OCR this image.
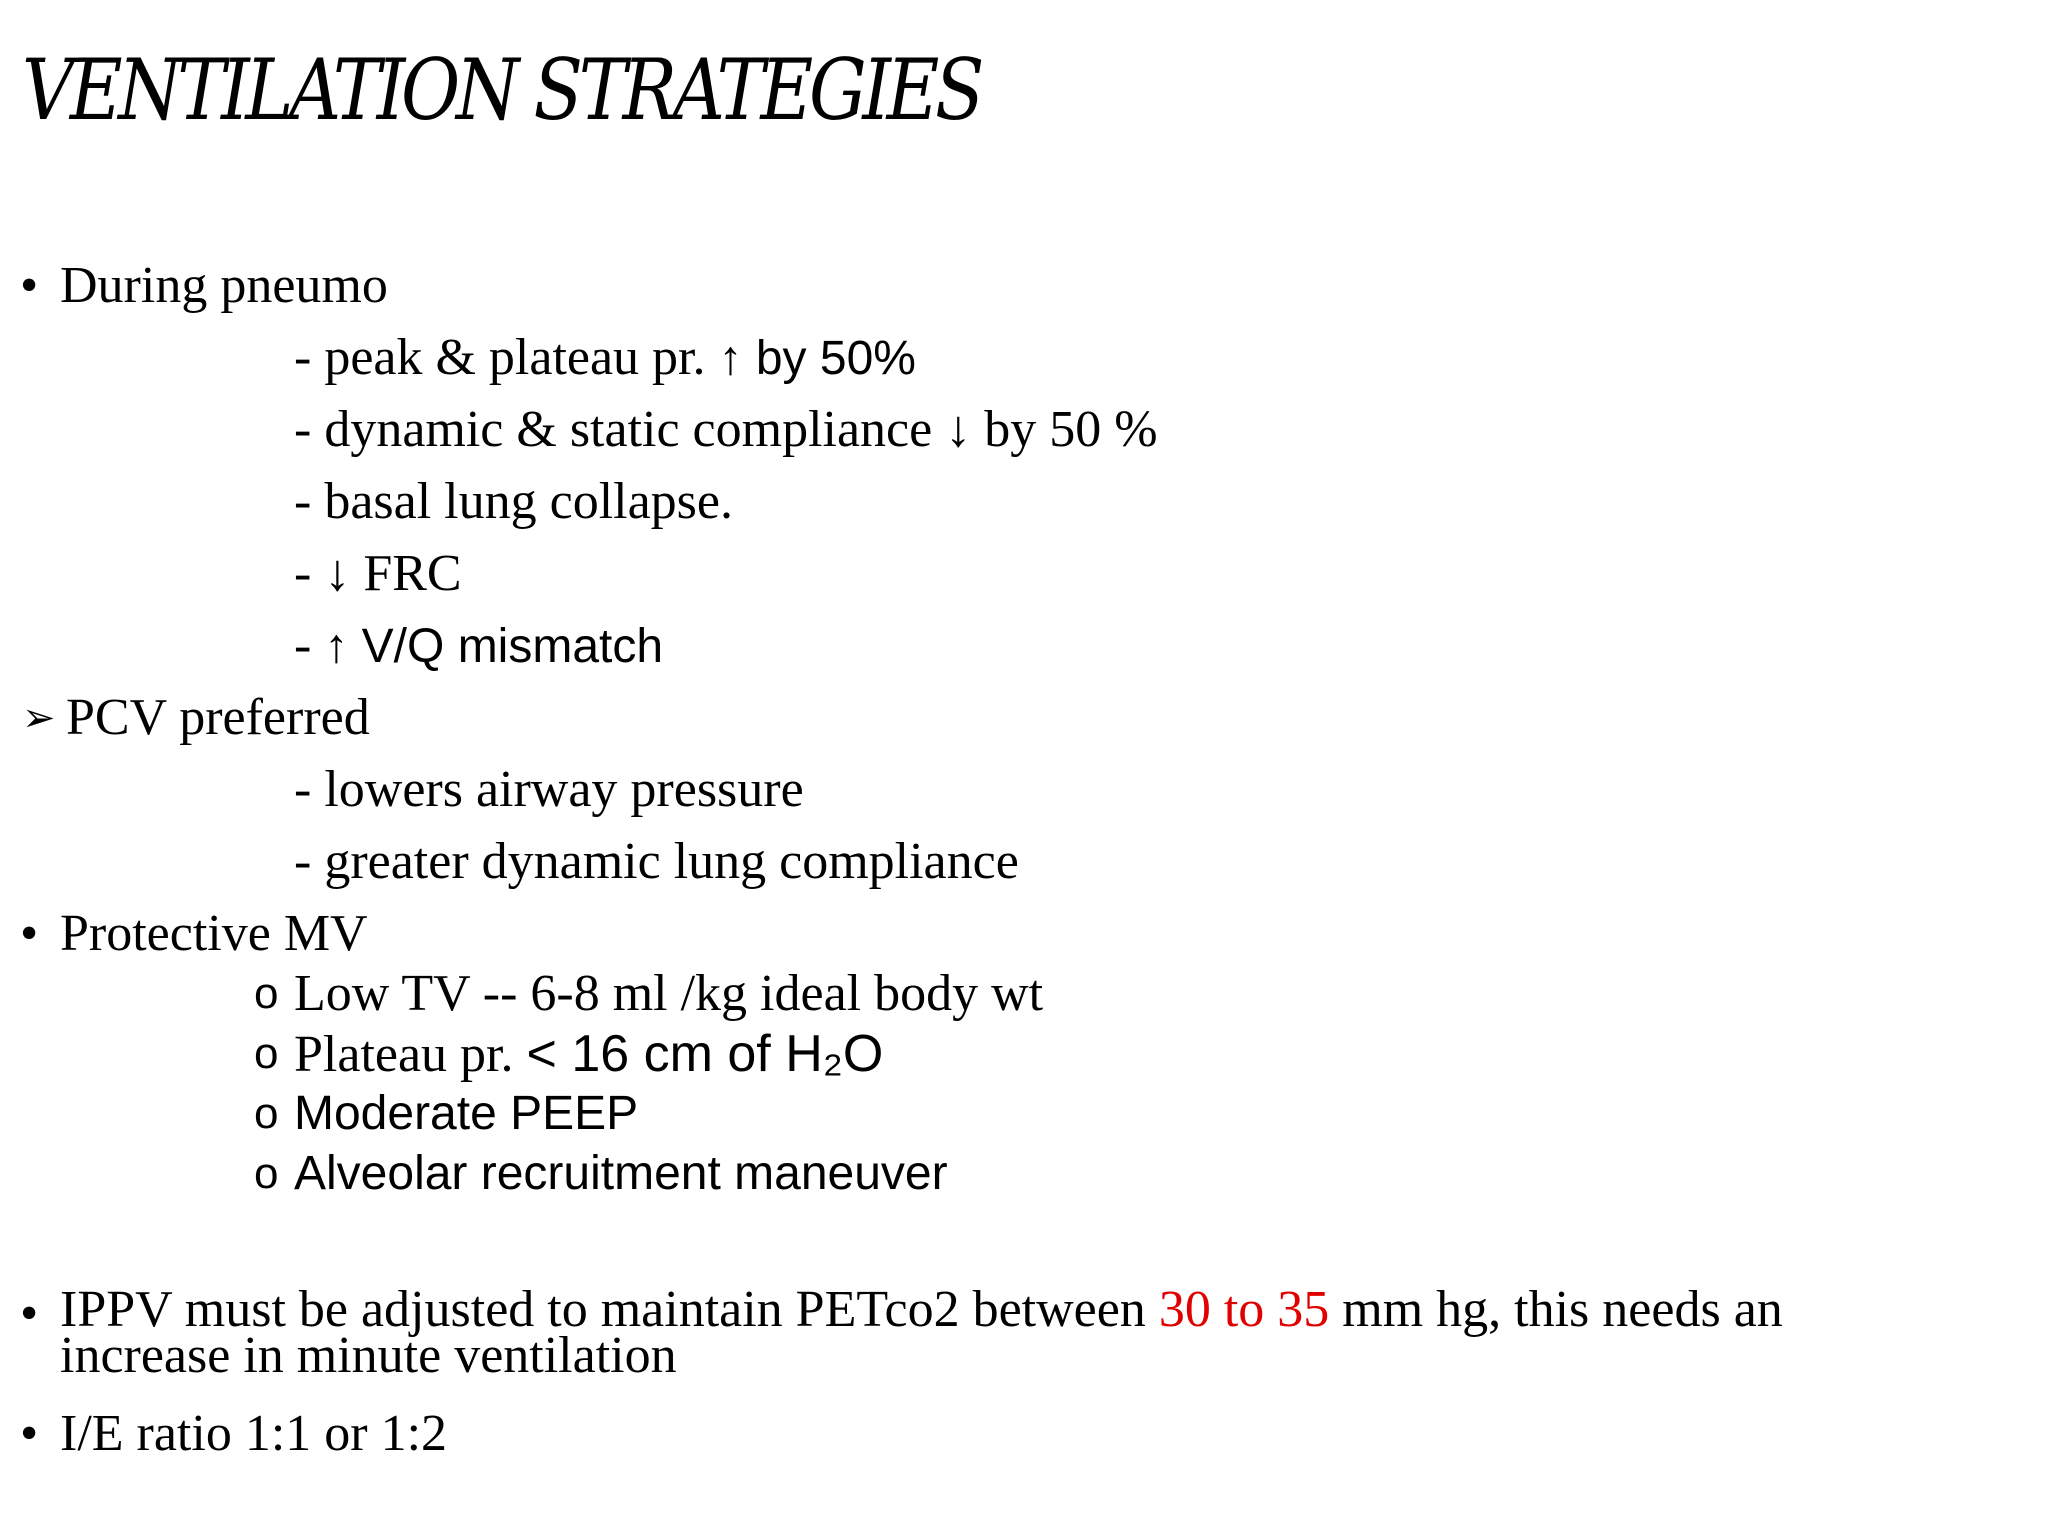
VENTILATION STRATEGIES
• During pneumo
- peak & plateau pr. ↑ by 50%
- dynamic & static compliance ↓ by 50 %
- basal lung collapse.
- ↓ FRC
- ↑ V/Q mismatch
➢ PCV preferred
- lowers airway pressure
- greater dynamic lung compliance
• Protective MV
o Low TV -- 6-8 ml /kg ideal body wt
o Plateau pr. < 16 cm of H₂O
o Moderate PEEP
o Alveolar recruitment maneuver
• IPPV must be adjusted to maintain PETco2 between 30 to 35 mm hg, this needs an
increase in minute ventilation
• I/E ratio 1:1 or 1:2
